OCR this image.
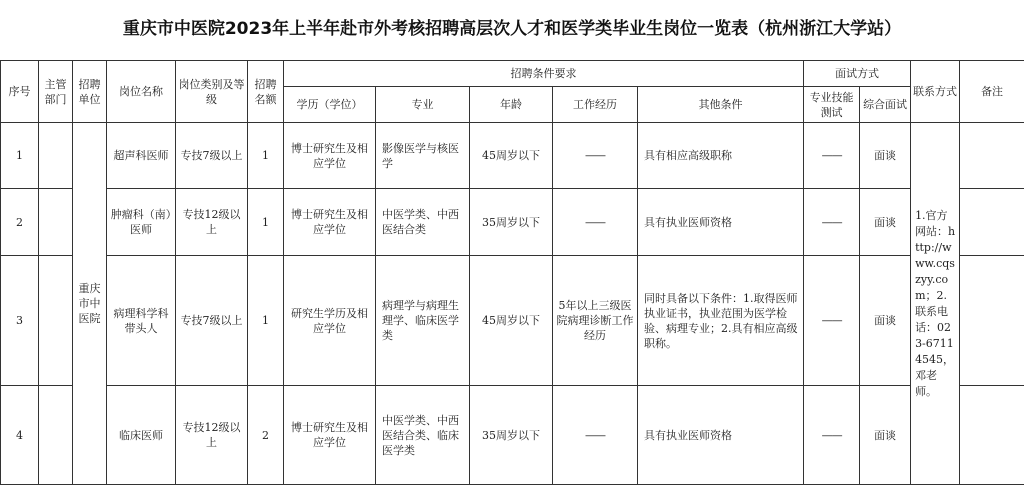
重庆市中医院2023年上半年赴市外考核招聘高层次人才和医学类毕业生岗位一览表（杭州浙江大学站）
序号	主管部门	招聘单位	岗位名称	岗位类别及等级	招聘名额	招聘条件要求					面试方式		联系方式	备注
						学历（学位）	专业	年龄	工作经历	其他条件	专业技能测试	综合面试		
1		重庆市中医院	超声科医师	专技7级以上	1	博士研究生及相应学位	影像医学与核医学	45周岁以下	——	具有相应高级职称	——	面谈	1.官方网站：http://www.cqszyy.com；2.联系电话：023-67114545，邓老师。	
2			肿瘤科（南）医师	专技12级以上	1	博士研究生及相应学位	中医学类、中西医结合类	35周岁以下	——	具有执业医师资格	——	面谈		
3			病理科学科带头人	专技7级以上	1	研究生学历及相应学位	病理学与病理生理学、临床医学类	45周岁以下	5年以上三级医院病理诊断工作经历	同时具备以下条件：1.取得医师执业证书，执业范围为医学检验、病理专业；2.具有相应高级职称。	——	面谈		
4			临床医师	专技12级以上	2	博士研究生及相应学位	中医学类、中西医结合类、临床医学类	35周岁以下	——	具有执业医师资格	——	面谈		
